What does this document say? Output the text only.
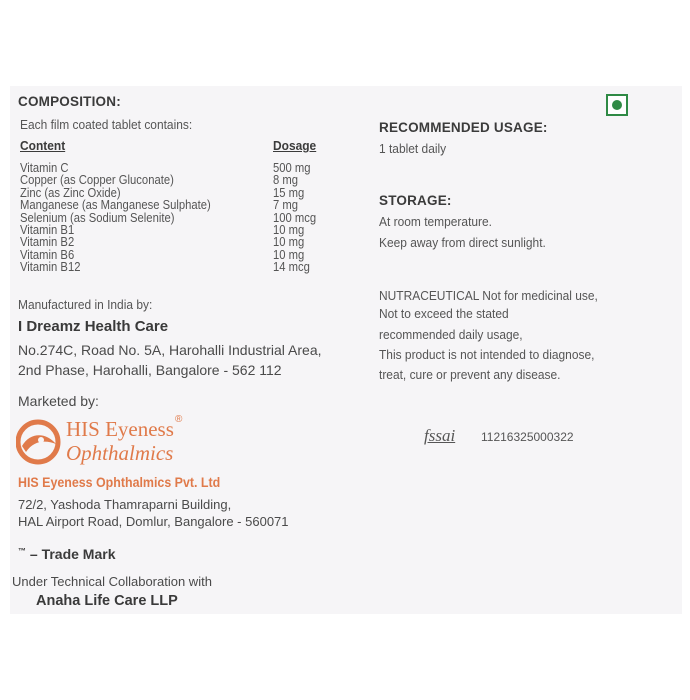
COMPOSITION:
Each film coated tablet contains:
Content	Dosage
Vitamin C	500 mg
Copper (as Copper Gluconate)	8 mg
Zinc (as Zinc Oxide)	15 mg
Manganese (as Manganese Sulphate)	7 mg
Selenium (as Sodium Selenite)	100 mcg
Vitamin B1	10 mg
Vitamin B2	10 mg
Vitamin B6	10 mg
Vitamin B12	14 mcg
Manufactured in India by:
I Dreamz Health Care
No.274C, Road No. 5A, Harohalli Industrial Area,
2nd Phase, Harohalli, Bangalore - 562 112
Marketed by:
HIS Eyeness ®
Ophthalmics
HIS Eyeness Ophthalmics Pvt. Ltd
72/2, Yashoda Thamraparni Building,
HAL Airport Road, Domlur, Bangalore - 560071
™ – Trade Mark
Under Technical Collaboration with
Anaha Life Care LLP
RECOMMENDED USAGE:
1 tablet daily
STORAGE:
At room temperature.
Keep away from direct sunlight.
NUTRACEUTICAL Not for medicinal use,
Not to exceed the stated
recommended daily usage,
This product is not intended to diagnose,
treat, cure or prevent any disease.
fssai 11216325000322
